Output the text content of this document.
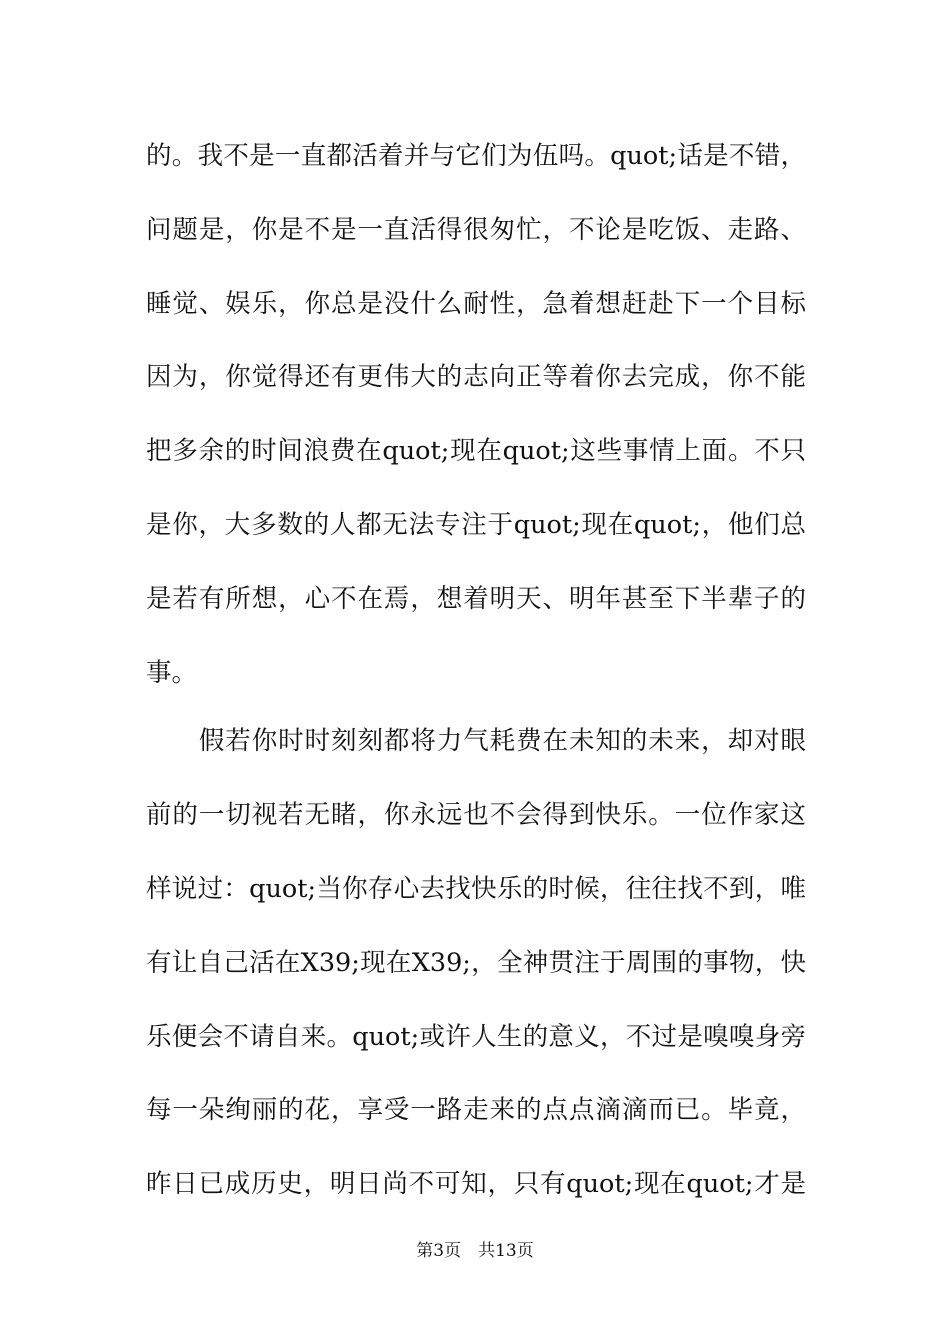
的。我不是一直都活着并与它们为伍吗。quot;话是不错，
问题是，你是不是一直活得很匆忙，不论是吃饭、走路、
睡觉、娱乐，你总是没什么耐性，急着想赶赴下一个目标
因为，你觉得还有更伟大的志向正等着你去完成，你不能
把多余的时间浪费在quot;现在quot;这些事情上面。不只
是你，大多数的人都无法专注于quot;现在quot;，他们总
是若有所想，心不在焉，想着明天、明年甚至下半辈子的
事。
　　假若你时时刻刻都将力气耗费在未知的未来，却对眼
前的一切视若无睹，你永远也不会得到快乐。一位作家这
样说过：quot;当你存心去找快乐的时候，往往找不到，唯
有让自己活在X39;现在X39;，全神贯注于周围的事物，快
乐便会不请自来。quot;或许人生的意义，不过是嗅嗅身旁
每一朵绚丽的花，享受一路走来的点点滴滴而已。毕竟，
昨日已成历史，明日尚不可知，只有quot;现在quot;才是
第3页　共13页
